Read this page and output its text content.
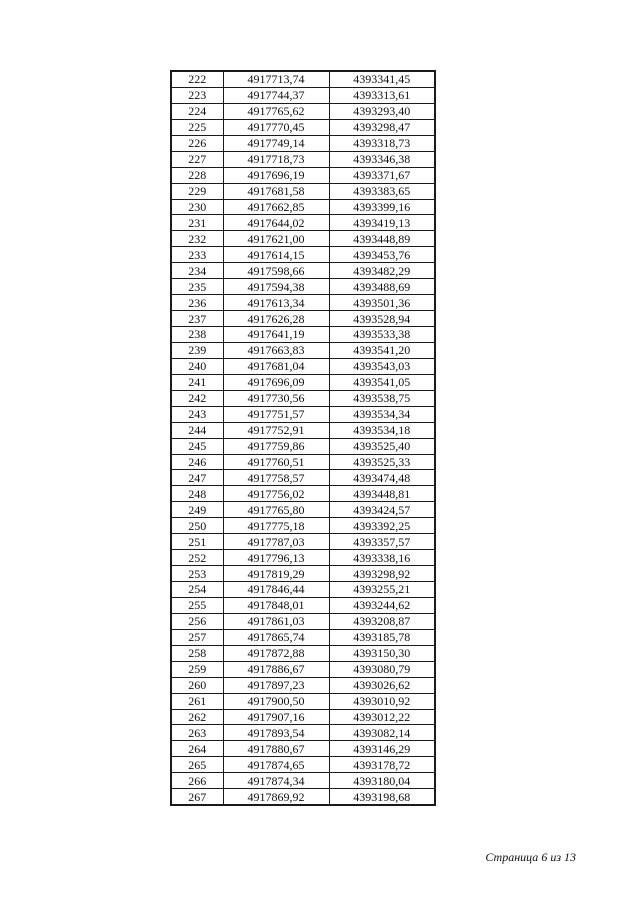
222	4917713,74	4393341,45
223	4917744,37	4393313,61
224	4917765,62	4393293,40
225	4917770,45	4393298,47
226	4917749,14	4393318,73
227	4917718,73	4393346,38
228	4917696,19	4393371,67
229	4917681,58	4393383,65
230	4917662,85	4393399,16
231	4917644,02	4393419,13
232	4917621,00	4393448,89
233	4917614,15	4393453,76
234	4917598,66	4393482,29
235	4917594,38	4393488,69
236	4917613,34	4393501,36
237	4917626,28	4393528,94
238	4917641,19	4393533,38
239	4917663,83	4393541,20
240	4917681,04	4393543,03
241	4917696,09	4393541,05
242	4917730,56	4393538,75
243	4917751,57	4393534,34
244	4917752,91	4393534,18
245	4917759,86	4393525,40
246	4917760,51	4393525,33
247	4917758,57	4393474,48
248	4917756,02	4393448,81
249	4917765,80	4393424,57
250	4917775,18	4393392,25
251	4917787,03	4393357,57
252	4917796,13	4393338,16
253	4917819,29	4393298,92
254	4917846,44	4393255,21
255	4917848,01	4393244,62
256	4917861,03	4393208,87
257	4917865,74	4393185,78
258	4917872,88	4393150,30
259	4917886,67	4393080,79
260	4917897,23	4393026,62
261	4917900,50	4393010,92
262	4917907,16	4393012,22
263	4917893,54	4393082,14
264	4917880,67	4393146,29
265	4917874,65	4393178,72
266	4917874,34	4393180,04
267	4917869,92	4393198,68
Страница 6 из 13
